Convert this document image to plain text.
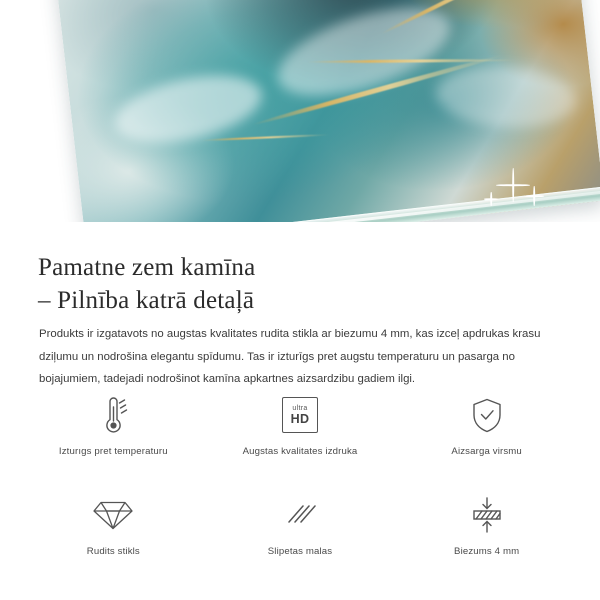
Pamatne zem kamīna
– Pilnība katrā detaļā

Produkts ir izgatavots no augstas kvalitates rudita stikla ar biezumu 4 mm, kas izceļ apdrukas krasu dziļumu un nodrošina elegantu spīdumu. Tas ir izturīgs pret augstu temperaturu un pasarga no bojajumiem, tadejadi nodrošinot kamīna apkartnes aizsardzibu gadiem ilgi.

Izturıgs pret temperaturu
ultra
HD
Augstas kvalitates izdruka	Aizsarga virsmu
Rudits stikls	Slipetas malas	Biezums 4 mm
